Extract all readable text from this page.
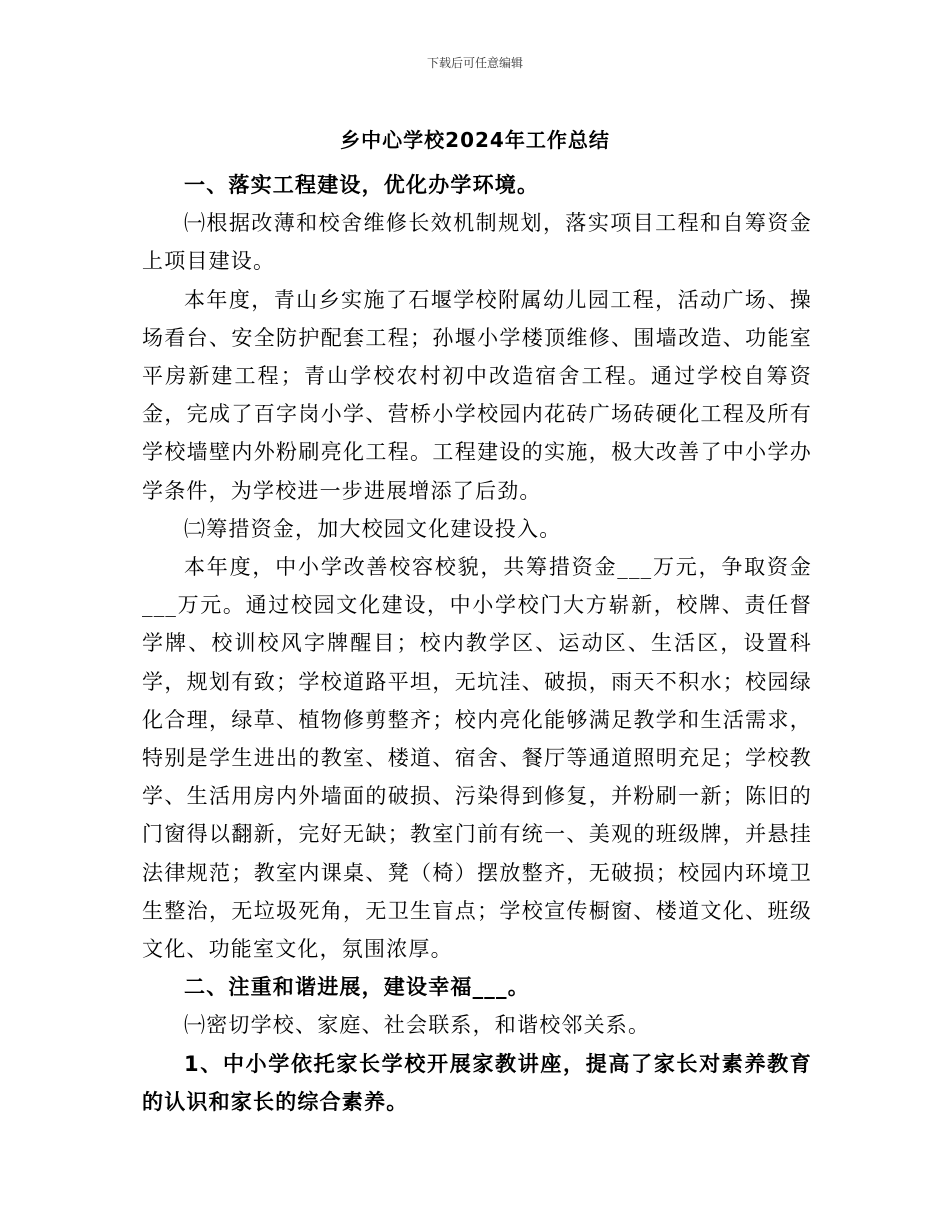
下载后可任意编辑
乡中心学校2024年工作总结

一、落实工程建设，优化办学环境。

㈠根据改薄和校舍维修长效机制规划，落实项目工程和自筹资金上项目建设。

本年度，青山乡实施了石堰学校附属幼儿园工程，活动广场、操场看台、安全防护配套工程；孙堰小学楼顶维修、围墙改造、功能室平房新建工程；青山学校农村初中改造宿舍工程。通过学校自筹资金，完成了百字岗小学、营桥小学校园内花砖广场砖硬化工程及所有学校墙壁内外粉刷亮化工程。工程建设的实施，极大改善了中小学办学条件，为学校进一步进展增添了后劲。

㈡筹措资金，加大校园文化建设投入。

本年度，中小学改善校容校貌，共筹措资金___万元，争取资金___万元。通过校园文化建设，中小学校门大方崭新，校牌、责任督学牌、校训校风字牌醒目；校内教学区、运动区、生活区，设置科学，规划有致；学校道路平坦，无坑洼、破损，雨天不积水；校园绿化合理，绿草、植物修剪整齐；校内亮化能够满足教学和生活需求，特别是学生进出的教室、楼道、宿舍、餐厅等通道照明充足；学校教学、生活用房内外墙面的破损、污染得到修复，并粉刷一新；陈旧的门窗得以翻新，完好无缺；教室门前有统一、美观的班级牌，并悬挂法律规范；教室内课桌、凳（椅）摆放整齐，无破损；校园内环境卫生整治，无垃圾死角，无卫生盲点；学校宣传橱窗、楼道文化、班级文化、功能室文化，氛围浓厚。

二、注重和谐进展，建设幸福___。

㈠密切学校、家庭、社会联系，和谐校邻关系。

1、中小学依托家长学校开展家教讲座，提高了家长对素养教育的认识和家长的综合素养。
